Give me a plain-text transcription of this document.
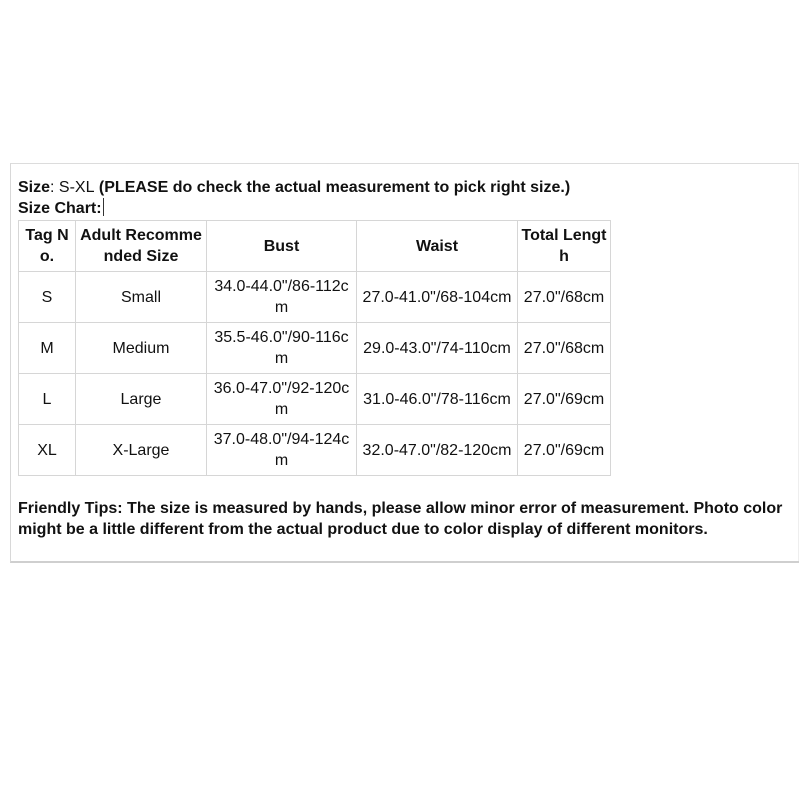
Size: S-XL (PLEASE do check the actual measurement to pick right size.)
Size Chart:
Tag No.	Adult Recommended Size	Bust	Waist	Total Length
S	Small	34.0-44.0"/86-112cm	27.0-41.0"/68-104cm	27.0"/68cm
M	Medium	35.5-46.0"/90-116cm	29.0-43.0"/74-110cm	27.0"/68cm
L	Large	36.0-47.0"/92-120cm	31.0-46.0"/78-116cm	27.0"/69cm
XL	X-Large	37.0-48.0"/94-124cm	32.0-47.0"/82-120cm	27.0"/69cm
Friendly Tips: The size is measured by hands, please allow minor error of measurement. Photo color might be a little different from the actual product due to color display of different monitors.
